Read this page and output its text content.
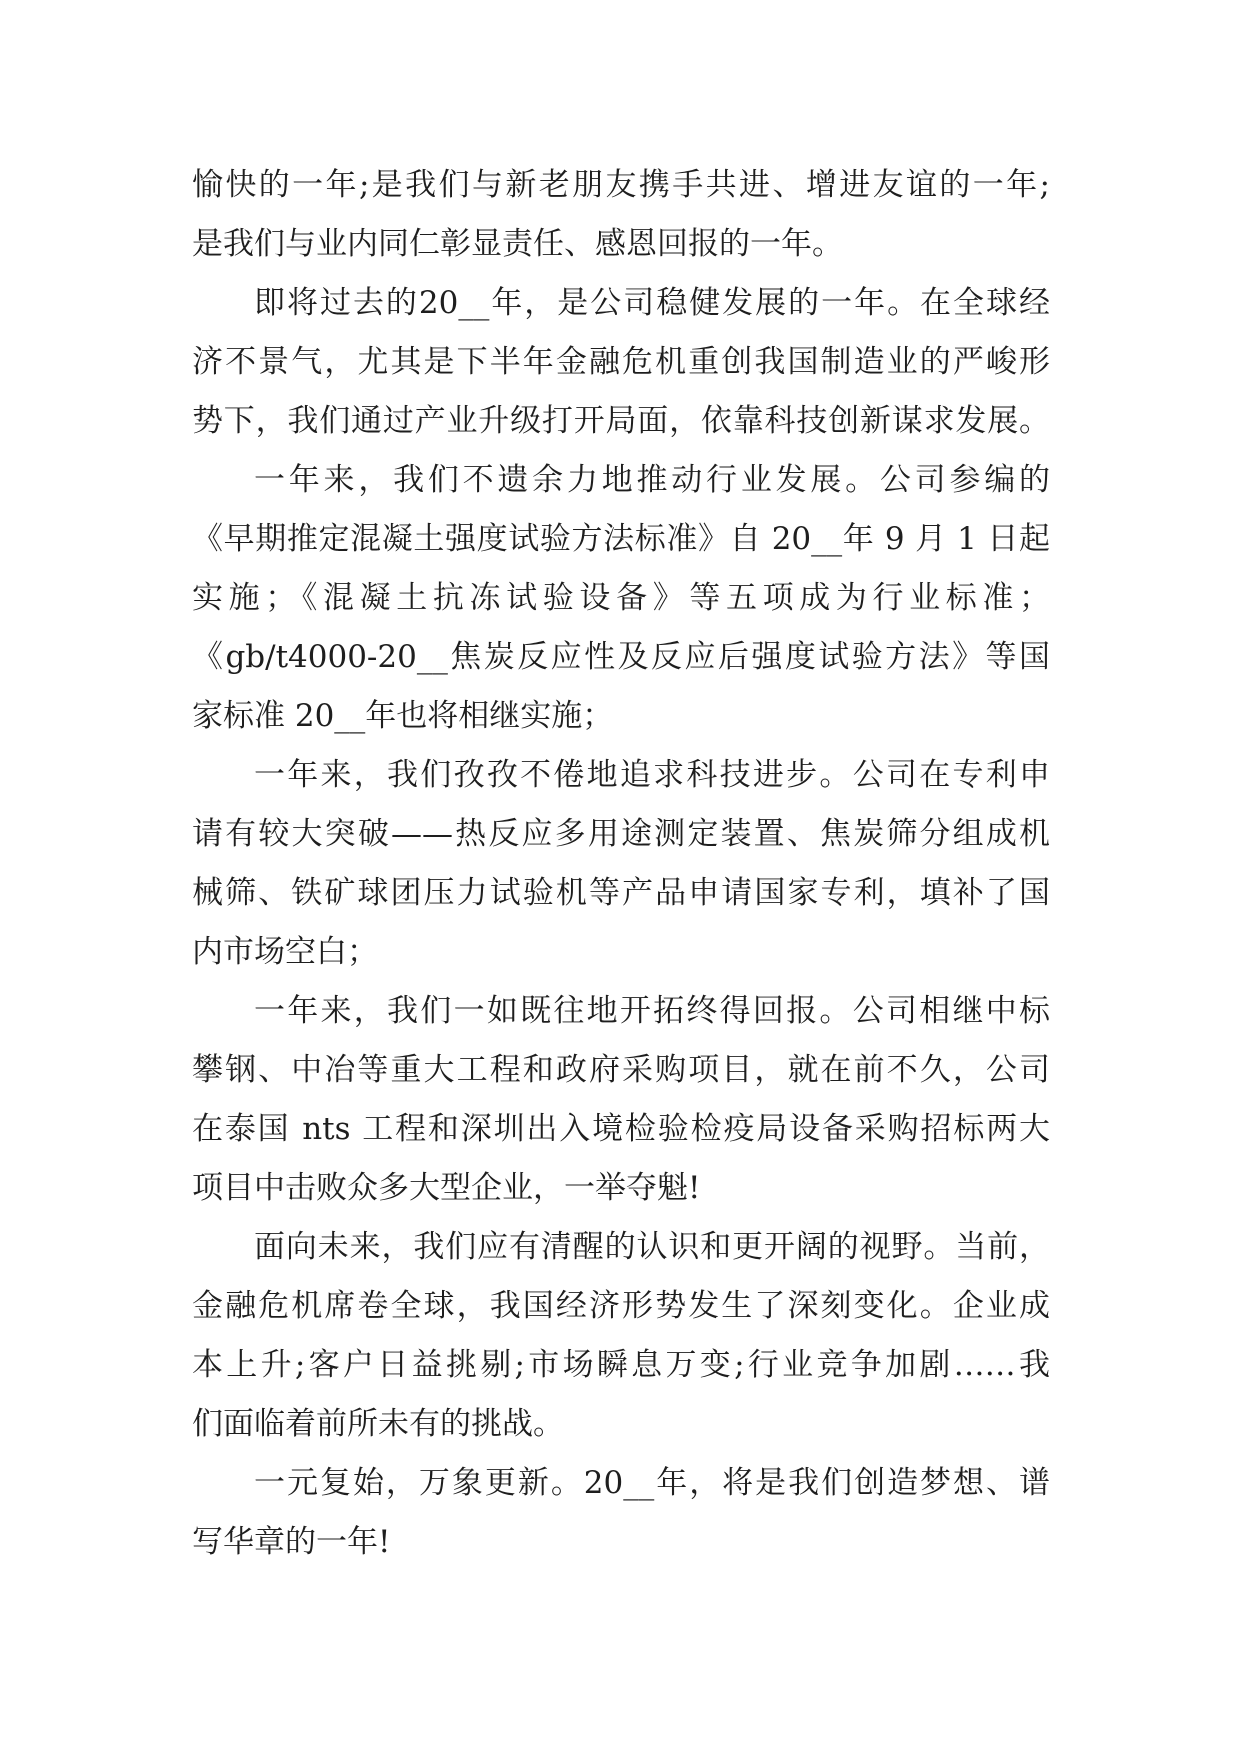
愉快的一年;是我们与新老朋友携手共进、增进友谊的一年;
是我们与业内同仁彰显责任、感恩回报的一年。
即将过去的20__年，是公司稳健发展的一年。在全球经
济不景气，尤其是下半年金融危机重创我国制造业的严峻形
势下，我们通过产业升级打开局面，依靠科技创新谋求发展。
一年来，我们不遗余力地推动行业发展。公司参编的
《早期推定混凝土强度试验方法标准》自 20__年 9 月 1 日起
实施；《混凝土抗冻试验设备》等五项成为行业标准；
《gb/t4000-20__焦炭反应性及反应后强度试验方法》等国
家标准 20__年也将相继实施；
一年来，我们孜孜不倦地追求科技进步。公司在专利申
请有较大突破——热反应多用途测定装置、焦炭筛分组成机
械筛、铁矿球团压力试验机等产品申请国家专利，填补了国
内市场空白；
一年来，我们一如既往地开拓终得回报。公司相继中标
攀钢、中冶等重大工程和政府采购项目，就在前不久，公司
在泰国 nts 工程和深圳出入境检验检疫局设备采购招标两大
项目中击败众多大型企业，一举夺魁!
面向未来，我们应有清醒的认识和更开阔的视野。当前，
金融危机席卷全球，我国经济形势发生了深刻变化。企业成
本上升;客户日益挑剔;市场瞬息万变;行业竞争加剧……我
们面临着前所未有的挑战。
一元复始，万象更新。20__年，将是我们创造梦想、谱
写华章的一年!
